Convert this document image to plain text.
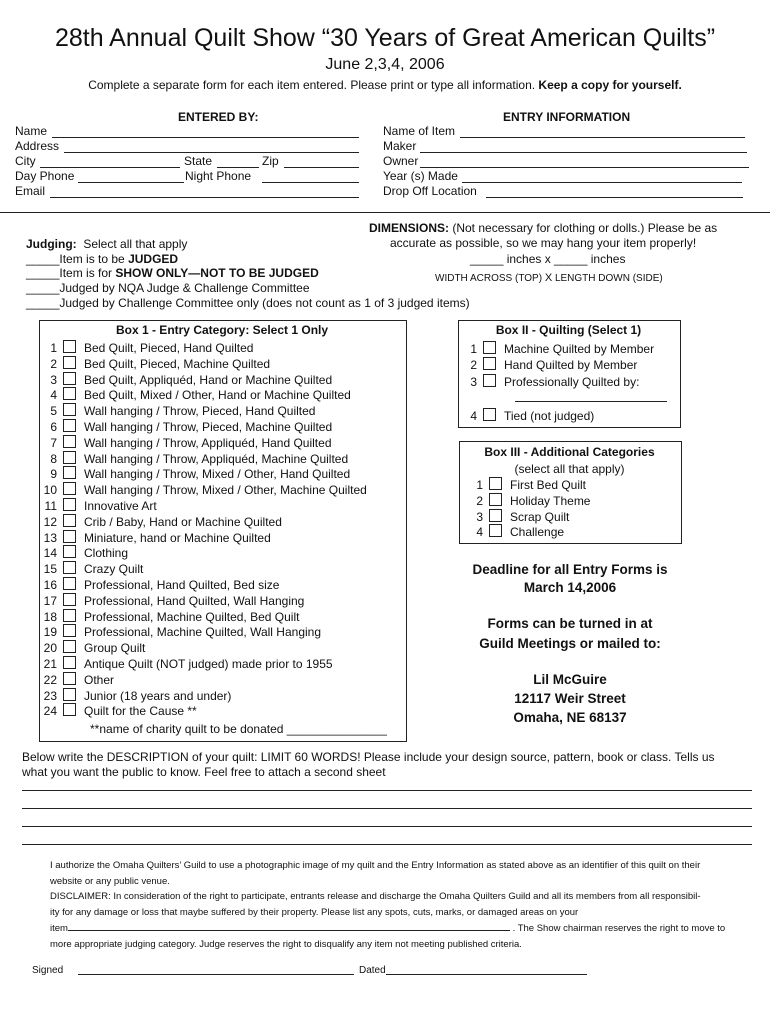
28th Annual Quilt Show “30 Years of Great American Quilts”
June 2,3,4, 2006
Complete a separate form for each item entered. Please print or type all information. Keep a copy for yourself.
ENTERED BY:
Name
Address
City	State	Zip
Day Phone	Night Phone
Email
ENTRY INFORMATION
Name of Item
Maker
Owner
Year (s) Made
Drop Off Location
DIMENSIONS: (Not necessary for clothing or dolls.) Please be as
accurate as possible, so we may hang your item properly!
_____ inches x _____ inches
WIDTH ACROSS (TOP) X LENGTH DOWN (SIDE)
Judging: Select all that apply
_____Item is to be JUDGED
_____Item is for SHOW ONLY—NOT TO BE JUDGED
_____Judged by NQA Judge & Challenge Committee
_____Judged by Challenge Committee only (does not count as 1 of 3 judged items)
Box 1 - Entry Category: Select 1 Only
1 Bed Quilt, Pieced, Hand Quilted
2 Bed Quilt, Pieced, Machine Quilted
3 Bed Quilt, Appliquéd, Hand or Machine Quilted
4 Bed Quilt, Mixed / Other, Hand or Machine Quilted
5 Wall hanging / Throw, Pieced, Hand Quilted
6 Wall hanging / Throw, Pieced, Machine Quilted
7 Wall hanging / Throw, Appliquéd, Hand Quilted
8 Wall hanging / Throw, Appliquéd, Machine Quilted
9 Wall hanging / Throw, Mixed / Other, Hand Quilted
10 Wall hanging / Throw, Mixed / Other, Machine Quilted
11 Innovative Art
12 Crib / Baby, Hand or Machine Quilted
13 Miniature, hand or Machine Quilted
14 Clothing
15 Crazy Quilt
16 Professional, Hand Quilted, Bed size
17 Professional, Hand Quilted, Wall Hanging
18 Professional, Machine Quilted, Bed Quilt
19 Professional, Machine Quilted, Wall Hanging
20 Group Quilt
21 Antique Quilt (NOT judged) made prior to 1955
22 Other
23 Junior (18 years and under)
24 Quilt for the Cause **
**name of charity quilt to be donated _______________
Box II - Quilting (Select 1)
1 Machine Quilted by Member
2 Hand Quilted by Member
3 Professionally Quilted by:
4 Tied (not judged)
Box III - Additional Categories
(select all that apply)
1 First Bed Quilt
2 Holiday Theme
3 Scrap Quilt
4 Challenge
Deadline for all Entry Forms is
March 14,2006
Forms can be turned in at
Guild Meetings or mailed to:
Lil McGuire
12117 Weir Street
Omaha, NE 68137
Below write the DESCRIPTION of your quilt: LIMIT 60 WORDS! Please include your design source, pattern, book or class. Tells us
what you want the public to know. Feel free to attach a second sheet
I authorize the Omaha Quilters’ Guild to use a photographic image of my quilt and the Entry Information as stated above as an identifier of this quilt on their
website or any public venue.
DISCLAIMER: In consideration of the right to participate, entrants release and discharge the Omaha Quilters Guild and all its members from all responsibil-
ity for any damage or loss that maybe suffered by their property. Please list any spots, cuts, marks, or damaged areas on your
item	. The Show chairman reserves the right to move to
more appropriate judging category. Judge reserves the right to disqualify any item not meeting published criteria.
Signed	Dated
